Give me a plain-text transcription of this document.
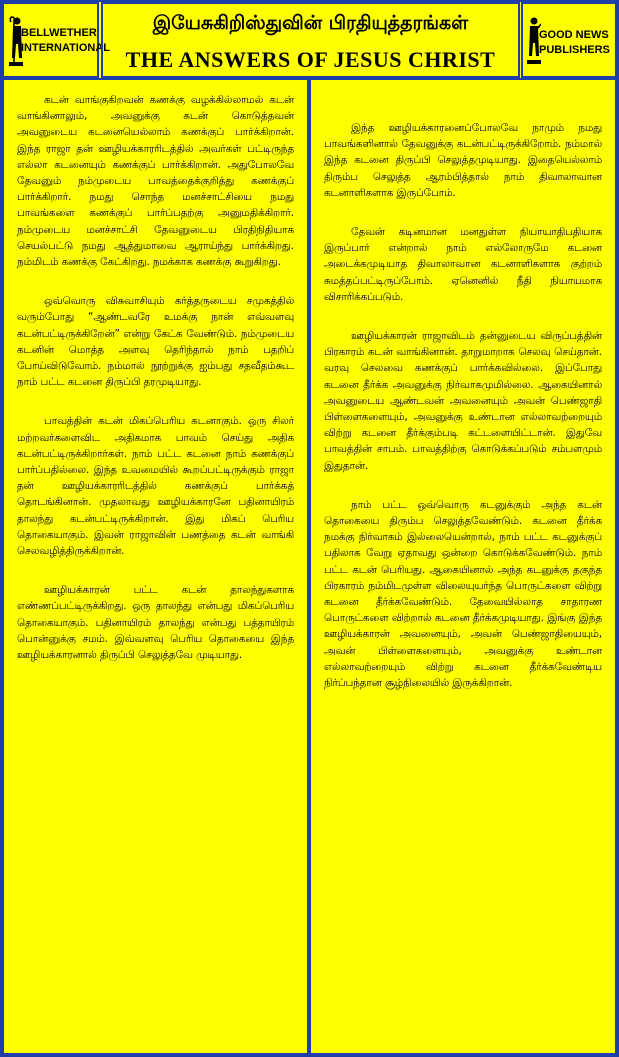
BELLWETHER
INTERNATIONAL
இயேசுகிறிஸ்துவின் பிரதியுத்தரங்கள்
THE ANSWERS OF JESUS CHRIST
GOOD NEWS
PUBLISHERS

கடன் வாங்குகிறவன் கணக்கு வழக்கில்லாமல் கடன் வாங்கினாலும், அவனுக்கு கடன் கொடுத்தவன் அவனுடைய கடனையெல்லாம் கணக்குப் பார்க்கிறான். இந்த ராஜா தன் ஊழியக்காரரிடத்தில் அவர்கள் பட்டிருந்த எல்லா கடனையும் கணக்குப் பார்க்கிறான். அதுபோலவே தேவனும் நம்முடைய பாவத்தைக்குறித்து கணக்குப் பார்க்கிறார். நமது சொந்த மனச்சாட்சியை நமது பாவங்களை கணக்குப் பார்ப்பதற்கு அனுமதிக்கிறார். நம்முடைய மனச்சாட்சி தேவனுடைய பிரதிநிதியாக செயல்பட்டு நமது ஆத்துமாவை ஆராய்ந்து பார்க்கிறது. நம்மிடம் கணக்கு கேட்கிறது. நமக்காக கணக்கு கூறுகிறது.

ஒவ்வொரு விசுவாசியும் கர்த்தருடைய சமுகத்தில் வரும்போது “ஆண்டவரே உமக்கு நான் எவ்வளவு கடன்பட்டிருக்கிறேன்” என்று கேட்க வேண்டும். நம்முடைய கடனின் மொத்த அளவு தெரிந்தால் நாம் பதறிப் போய்விடுவோம். நம்மால் நூற்றுக்கு ஐம்பது சதவீதம்கூட நாம் பட்ட கடனை திருப்பி தரமுடியாது.

பாவத்தின் கடன் மிகப்பெரிய கடனாகும். ஒரு சிலர் மற்றவர்களைவிட அதிகமாக பாவம் செய்து அதிக கடன்பட்டிருக்கிறார்கள். நாம் பட்ட கடனை நாம் கணக்குப் பார்ப்பதில்லை. இந்த உவமையில் கூறப்பட்டிருக்கும் ராஜா தன் ஊழியக்காரரிடத்தில் கணக்குப் பார்க்கத் தொடங்கினான். முதலாவது ஊழியக்காரனே பதினாயிரம் தாலந்து கடன்பட்டிருக்கிறான். இது மிகப் பெரிய தொகையாகும். இவன் ராஜாவின் பணத்தை கடன் வாங்கி செலவழித்திருக்கிறான்.

ஊழியக்காரன் பட்ட கடன் தாலந்துகளாக எண்ணப்பட்டிருக்கிறது. ஒரு தாலந்து என்பது மிகப்பெரிய தொகையாகும். பதினாயிரம் தாலந்து என்பது பத்தாயிரம் பொன்னுக்கு சமம். இவ்வளவு பெரிய தொகையை இந்த ஊழியக்காரனால் திருப்பி செலுத்தவே முடியாது.

இந்த ஊழியக்காரனைப்போலவே நாமும் நமது பாவங்களினால் தேவனுக்கு கடன்பட்டிருக்கிறோம். நம்மால் இந்த கடனை திருப்பி செலுத்தமுடியாது. இதையெல்லாம் திரும்ப செலுத்த ஆரம்பித்தால் நாம் திவாலாவான கடனாளிகளாக இருப்போம்.

தேவன் கடினமான மனதுள்ள நியாயாதிபதியாக இருப்பார் என்றால் நாம் எல்லோருமே கடனை அடைக்கமுடியாத திவாலாவான கடனாளிகளாக குற்றம் சுமத்தப்பட்டிருப்போம். ஏனெனில் நீதி நியாயமாக விசாரிக்கப்படும்.

ஊழியக்காரன் ராஜாவிடம் தன்னுடைய விருப்பத்தின் பிரகாரம் கடன் வாங்கினான். தாறுமாறாக செலவு செய்தான். வரவு செலவை கணக்குப் பார்க்கவில்லை. இப்போது கடனை தீர்க்க அவனுக்கு நிர்வாகமுமில்லை. ஆகையினால் அவனுடைய ஆண்டவன் அவனையும் அவன் பெண்ஜாதி பிள்ளைகளையும், அவனுக்கு உண்டான எல்லாவற்றையும் விற்று கடனை தீர்க்கும்படி கட்டளையிட்டான். இதுவே பாவத்தின் சாபம். பாவத்திற்கு கொடுக்கப்படும் சம்பளமும் இதுதான்.

நாம் பட்ட ஒவ்வொரு கடனுக்கும் அந்த கடன் தொகையை திரும்ப செலுத்தவேண்டும். கடனை தீர்க்க நமக்கு நிர்வாகம் இல்லையென்றால், நாம் பட்ட கடனுக்குப் பதிலாக வேறு ஏதாவது ஒன்றை கொடுக்கவேண்டும். நாம் பட்ட கடன் பெரியது. ஆகையினால் அந்த கடனுக்கு தகுந்த பிரகாரம் நம்மிடமுள்ள விலையுயர்ந்த பொருட்களை விற்று கடனை தீர்க்கவேண்டும். தேவையில்லாத சாதாரண பொருட்களை விற்றால் கடனை தீர்க்கமுடியாது. இங்கு இந்த ஊழியக்காரன் அவனையும், அவன் பெண்ஜாதியையும், அவன் பிள்ளைகளையும், அவனுக்கு உண்டான எல்லாவற்றையும் விற்று கடனை தீர்க்கவேண்டிய நிர்ப்பந்தான சூழ்நிலையில் இருக்கிறான்.
